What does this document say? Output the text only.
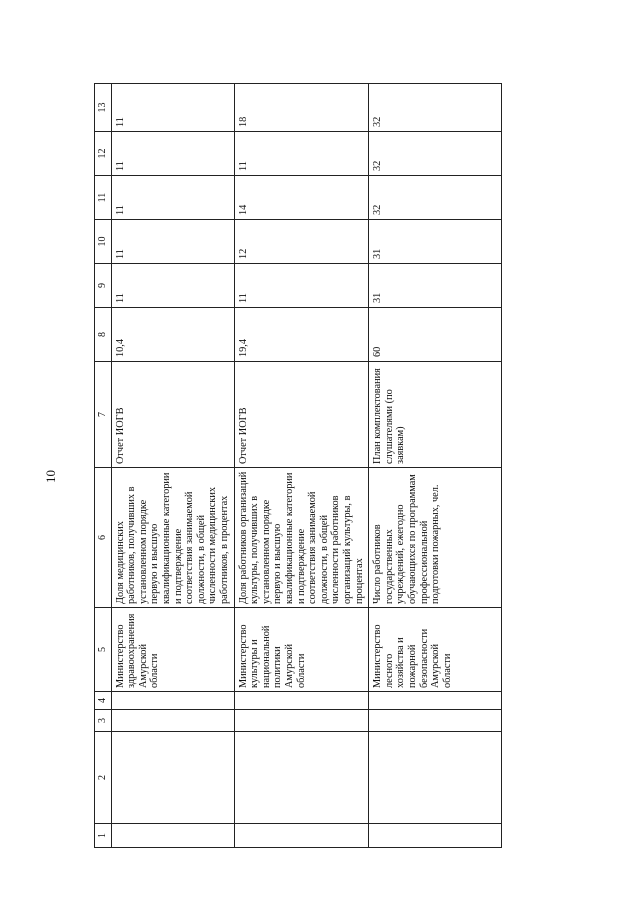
10
1	2	3	4	5	6	7	8	9	10	11	12	13
				Министерство здравоохранения Амурской области	Доля медицинских работников, получивших в установленном порядке первую и высшую квалификационные категории и подтверждение соответствия занимаемой должности, в общей численности медицинских работников, в процентах	Отчет ИОГВ	10,4	11	11	11	11	11
				Министерство культуры и национальной политики Амурской области	Доля работников организаций культуры, получивших в установленном порядке первую и высшую квалификационные категории и подтверждение соответствия занимаемой должности, в общей численности работников организаций культуры, в процентах	Отчет ИОГВ	19,4	11	12	14	11	18
				Министерство лесного хозяйства и пожарной безопасности Амурской области	Число работников государственных учреждений, ежегодно обучающихся по программам профессиональной подготовки пожарных, чел.	План комплектования слушателями (по заявкам)	60	31	31	32	32	32
